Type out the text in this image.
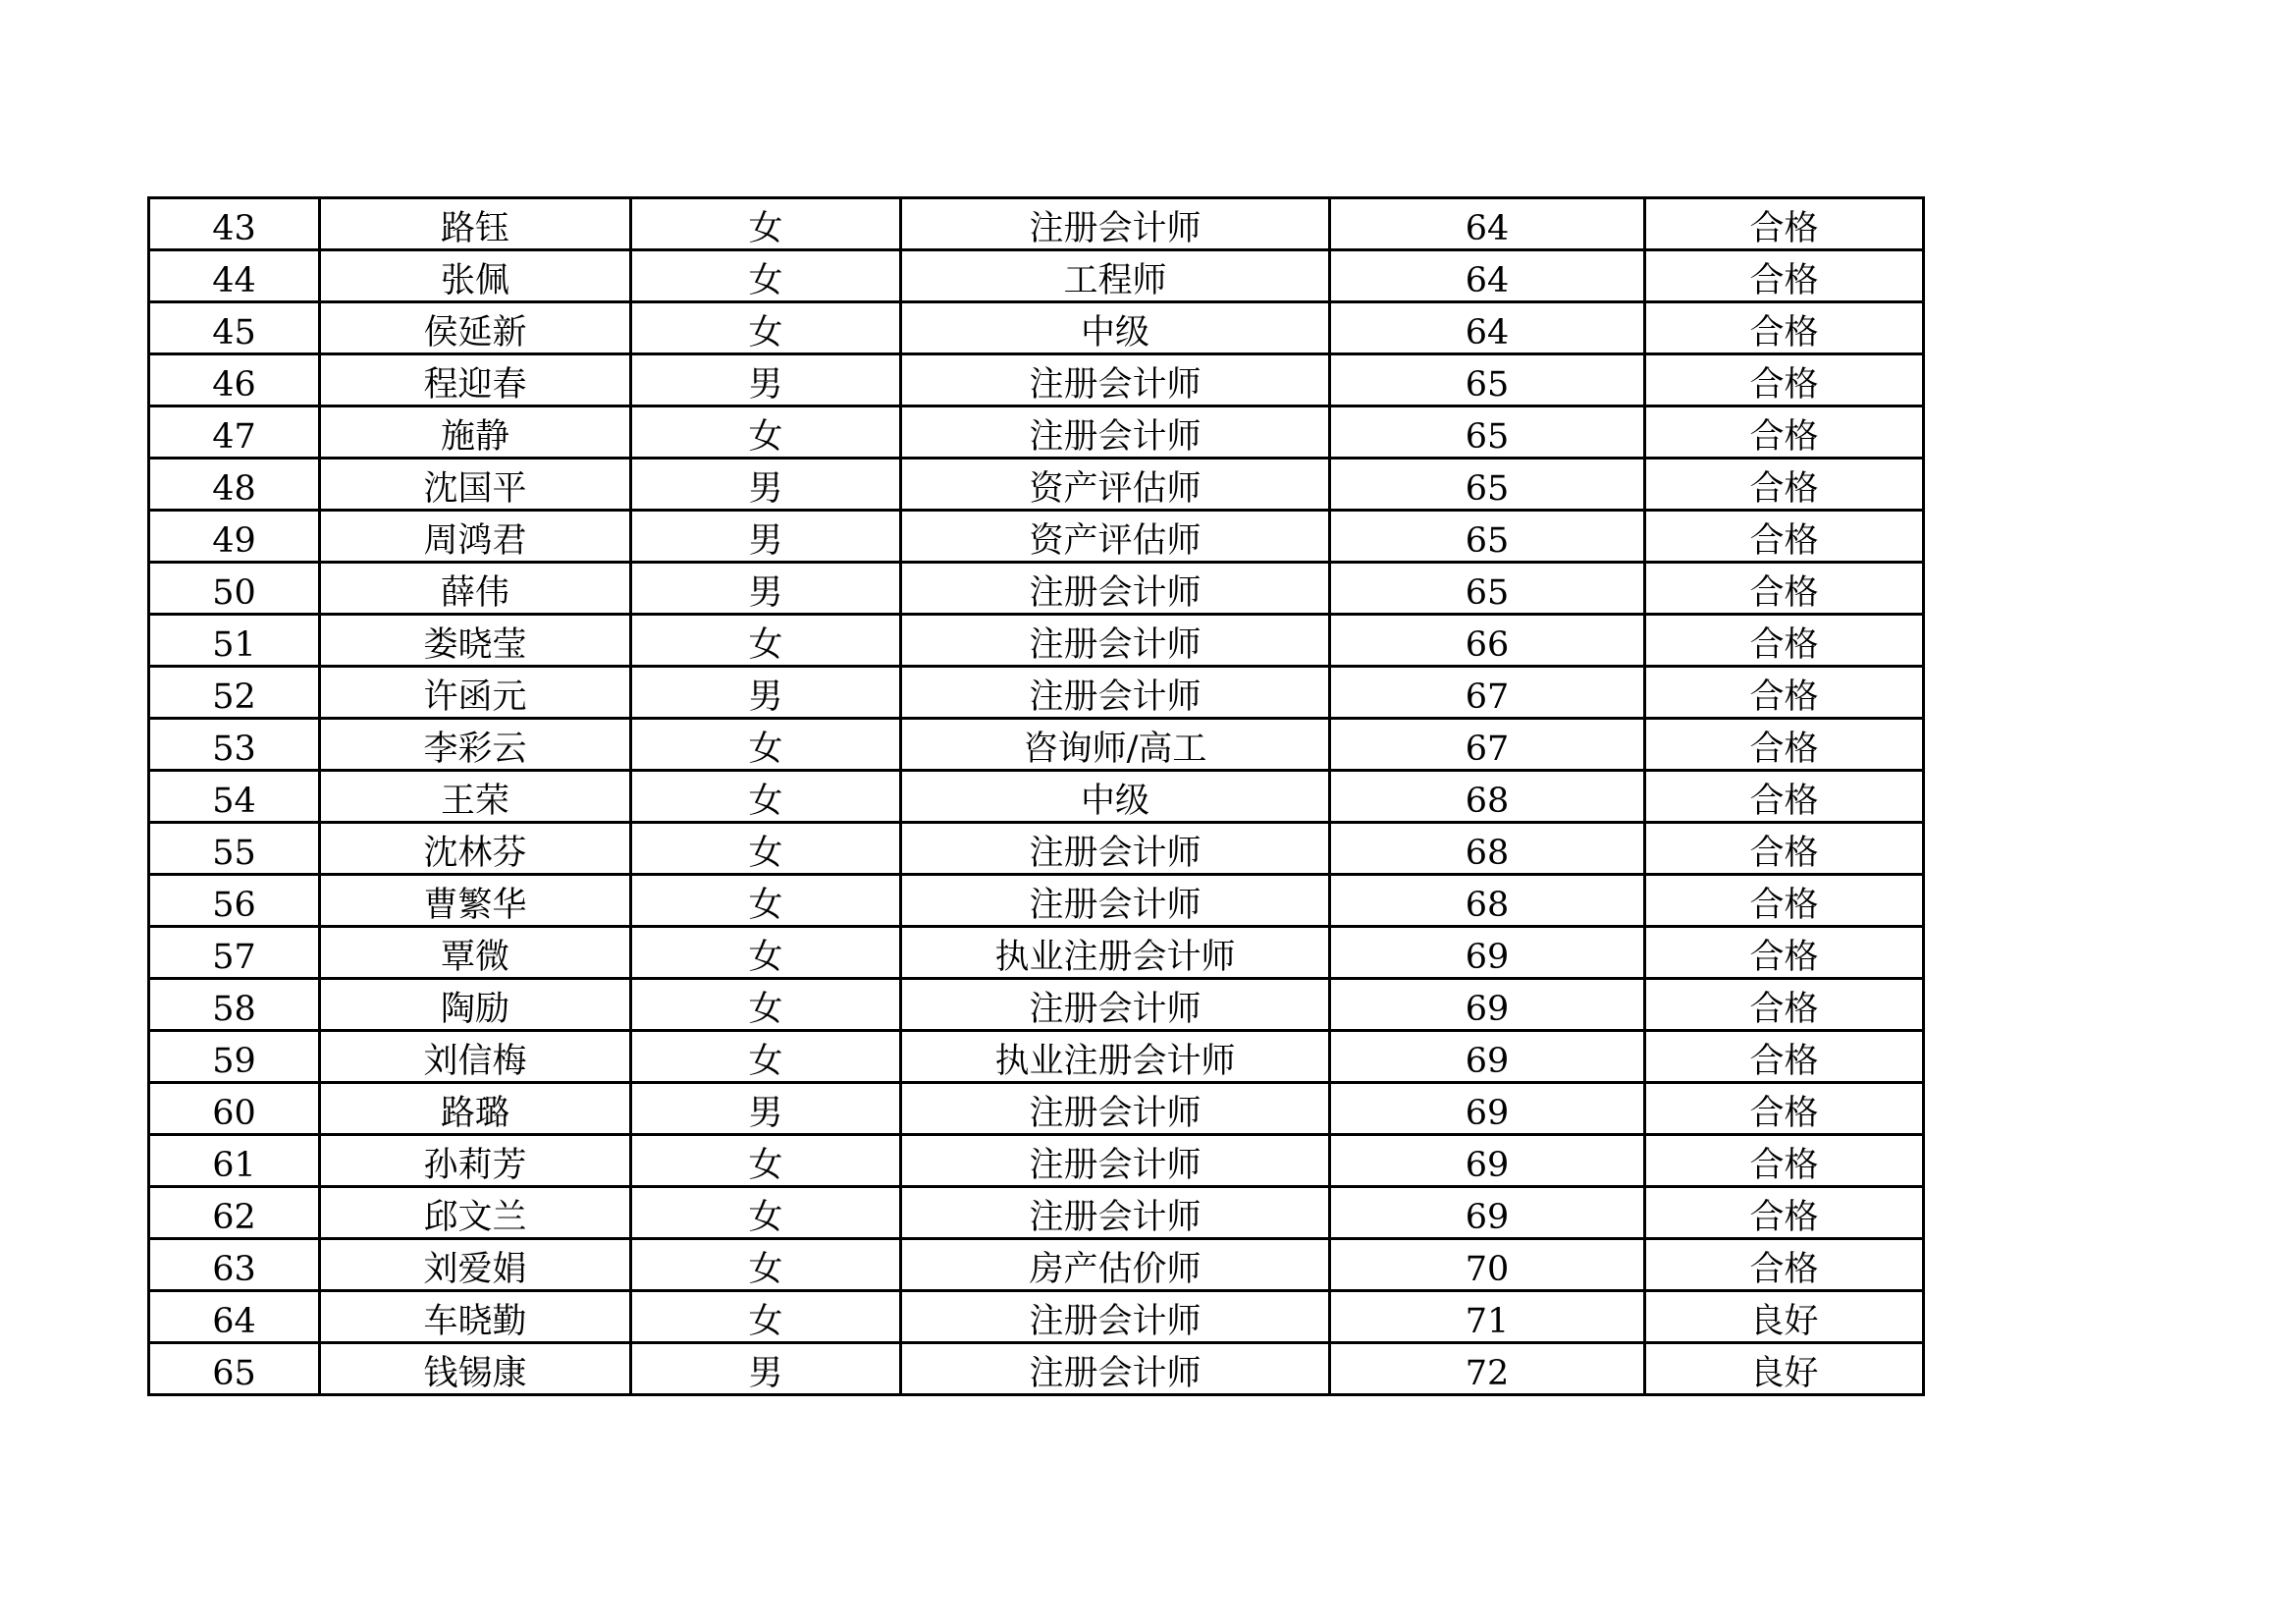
43	路钰	女	注册会计师	64	合格
44	张佩	女	工程师	64	合格
45	侯延新	女	中级	64	合格
46	程迎春	男	注册会计师	65	合格
47	施静	女	注册会计师	65	合格
48	沈国平	男	资产评估师	65	合格
49	周鸿君	男	资产评估师	65	合格
50	薛伟	男	注册会计师	65	合格
51	娄晓莹	女	注册会计师	66	合格
52	许函元	男	注册会计师	67	合格
53	李彩云	女	咨询师/高工	67	合格
54	王荣	女	中级	68	合格
55	沈林芬	女	注册会计师	68	合格
56	曹繁华	女	注册会计师	68	合格
57	覃微	女	执业注册会计师	69	合格
58	陶励	女	注册会计师	69	合格
59	刘信梅	女	执业注册会计师	69	合格
60	路璐	男	注册会计师	69	合格
61	孙莉芳	女	注册会计师	69	合格
62	邱文兰	女	注册会计师	69	合格
63	刘爱娟	女	房产估价师	70	合格
64	车晓勤	女	注册会计师	71	良好
65	钱锡康	男	注册会计师	72	良好
